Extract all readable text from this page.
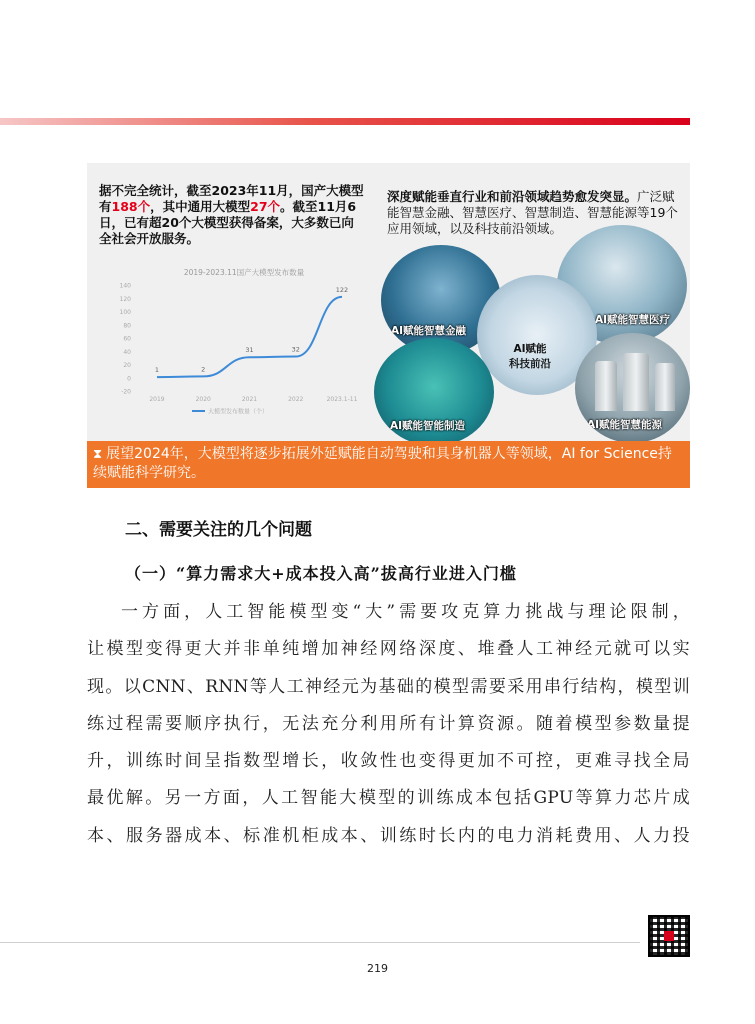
据不完全统计，截至2023年11月，国产大模型
有188个，其中通用大模型27个。截至11月6
日，已有超20个大模型获得备案，大多数已向
全社会开放服务。
2019-2023.11国产大模型发布数量
-20
0
20
40
60
80
100
120
140
2019	2020	2021	2022	2023.1-11
1	2
31	32
122
大模型发布数量（个）
深度赋能垂直行业和前沿领域趋势愈发突显。广泛赋能智慧金融、智慧医疗、智慧制造、智慧能源等19个应用领域，以及科技前沿领域。
AI赋能智慧医疗
AI赋能智慧金融
AI赋能
科技前沿
AI赋能智能制造	AI赋能智慧能源
⧗ 展望2024年，大模型将逐步拓展外延赋能自动驾驶和具身机器人等领域，AI for Science持续赋能科学研究。
二、需要关注的几个问题
（一）“算力需求大+成本投入高”拔高行业进入门槛

一方面，人工智能模型变“大”需要攻克算力挑战与理论限制，

让模型变得更大并非单纯增加神经网络深度、堆叠人工神经元就可以实

现。以CNN、RNN等人工神经元为基础的模型需要采用串行结构，模型训

练过程需要顺序执行，无法充分利用所有计算资源。随着模型参数量提

升，训练时间呈指数型增长，收敛性也变得更加不可控，更难寻找全局

最优解。另一方面，人工智能大模型的训练成本包括GPU等算力芯片成

本、服务器成本、标准机柜成本、训练时长内的电力消耗费用、人力投

219
